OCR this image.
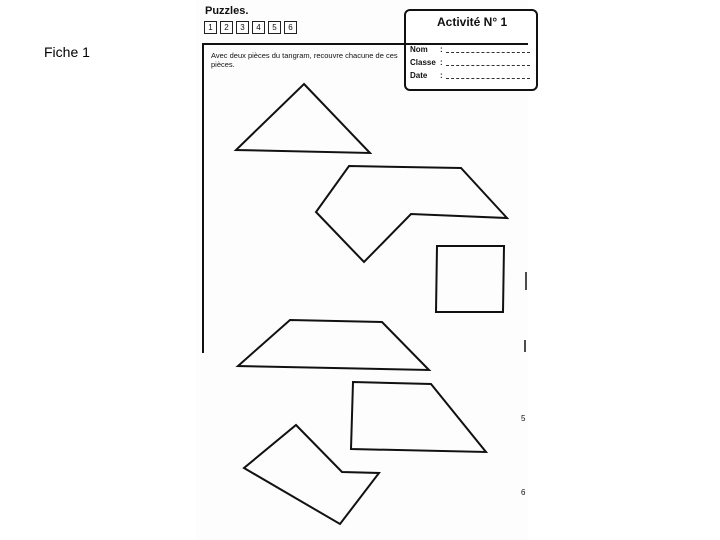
Fiche 1
Puzzles.
1	2	3	4	5	6	Activité N° 1
Nom	:
Classe :
Date	:
Avec deux pièces du tangram, recouvre chacune de ces pièces.
5
6
